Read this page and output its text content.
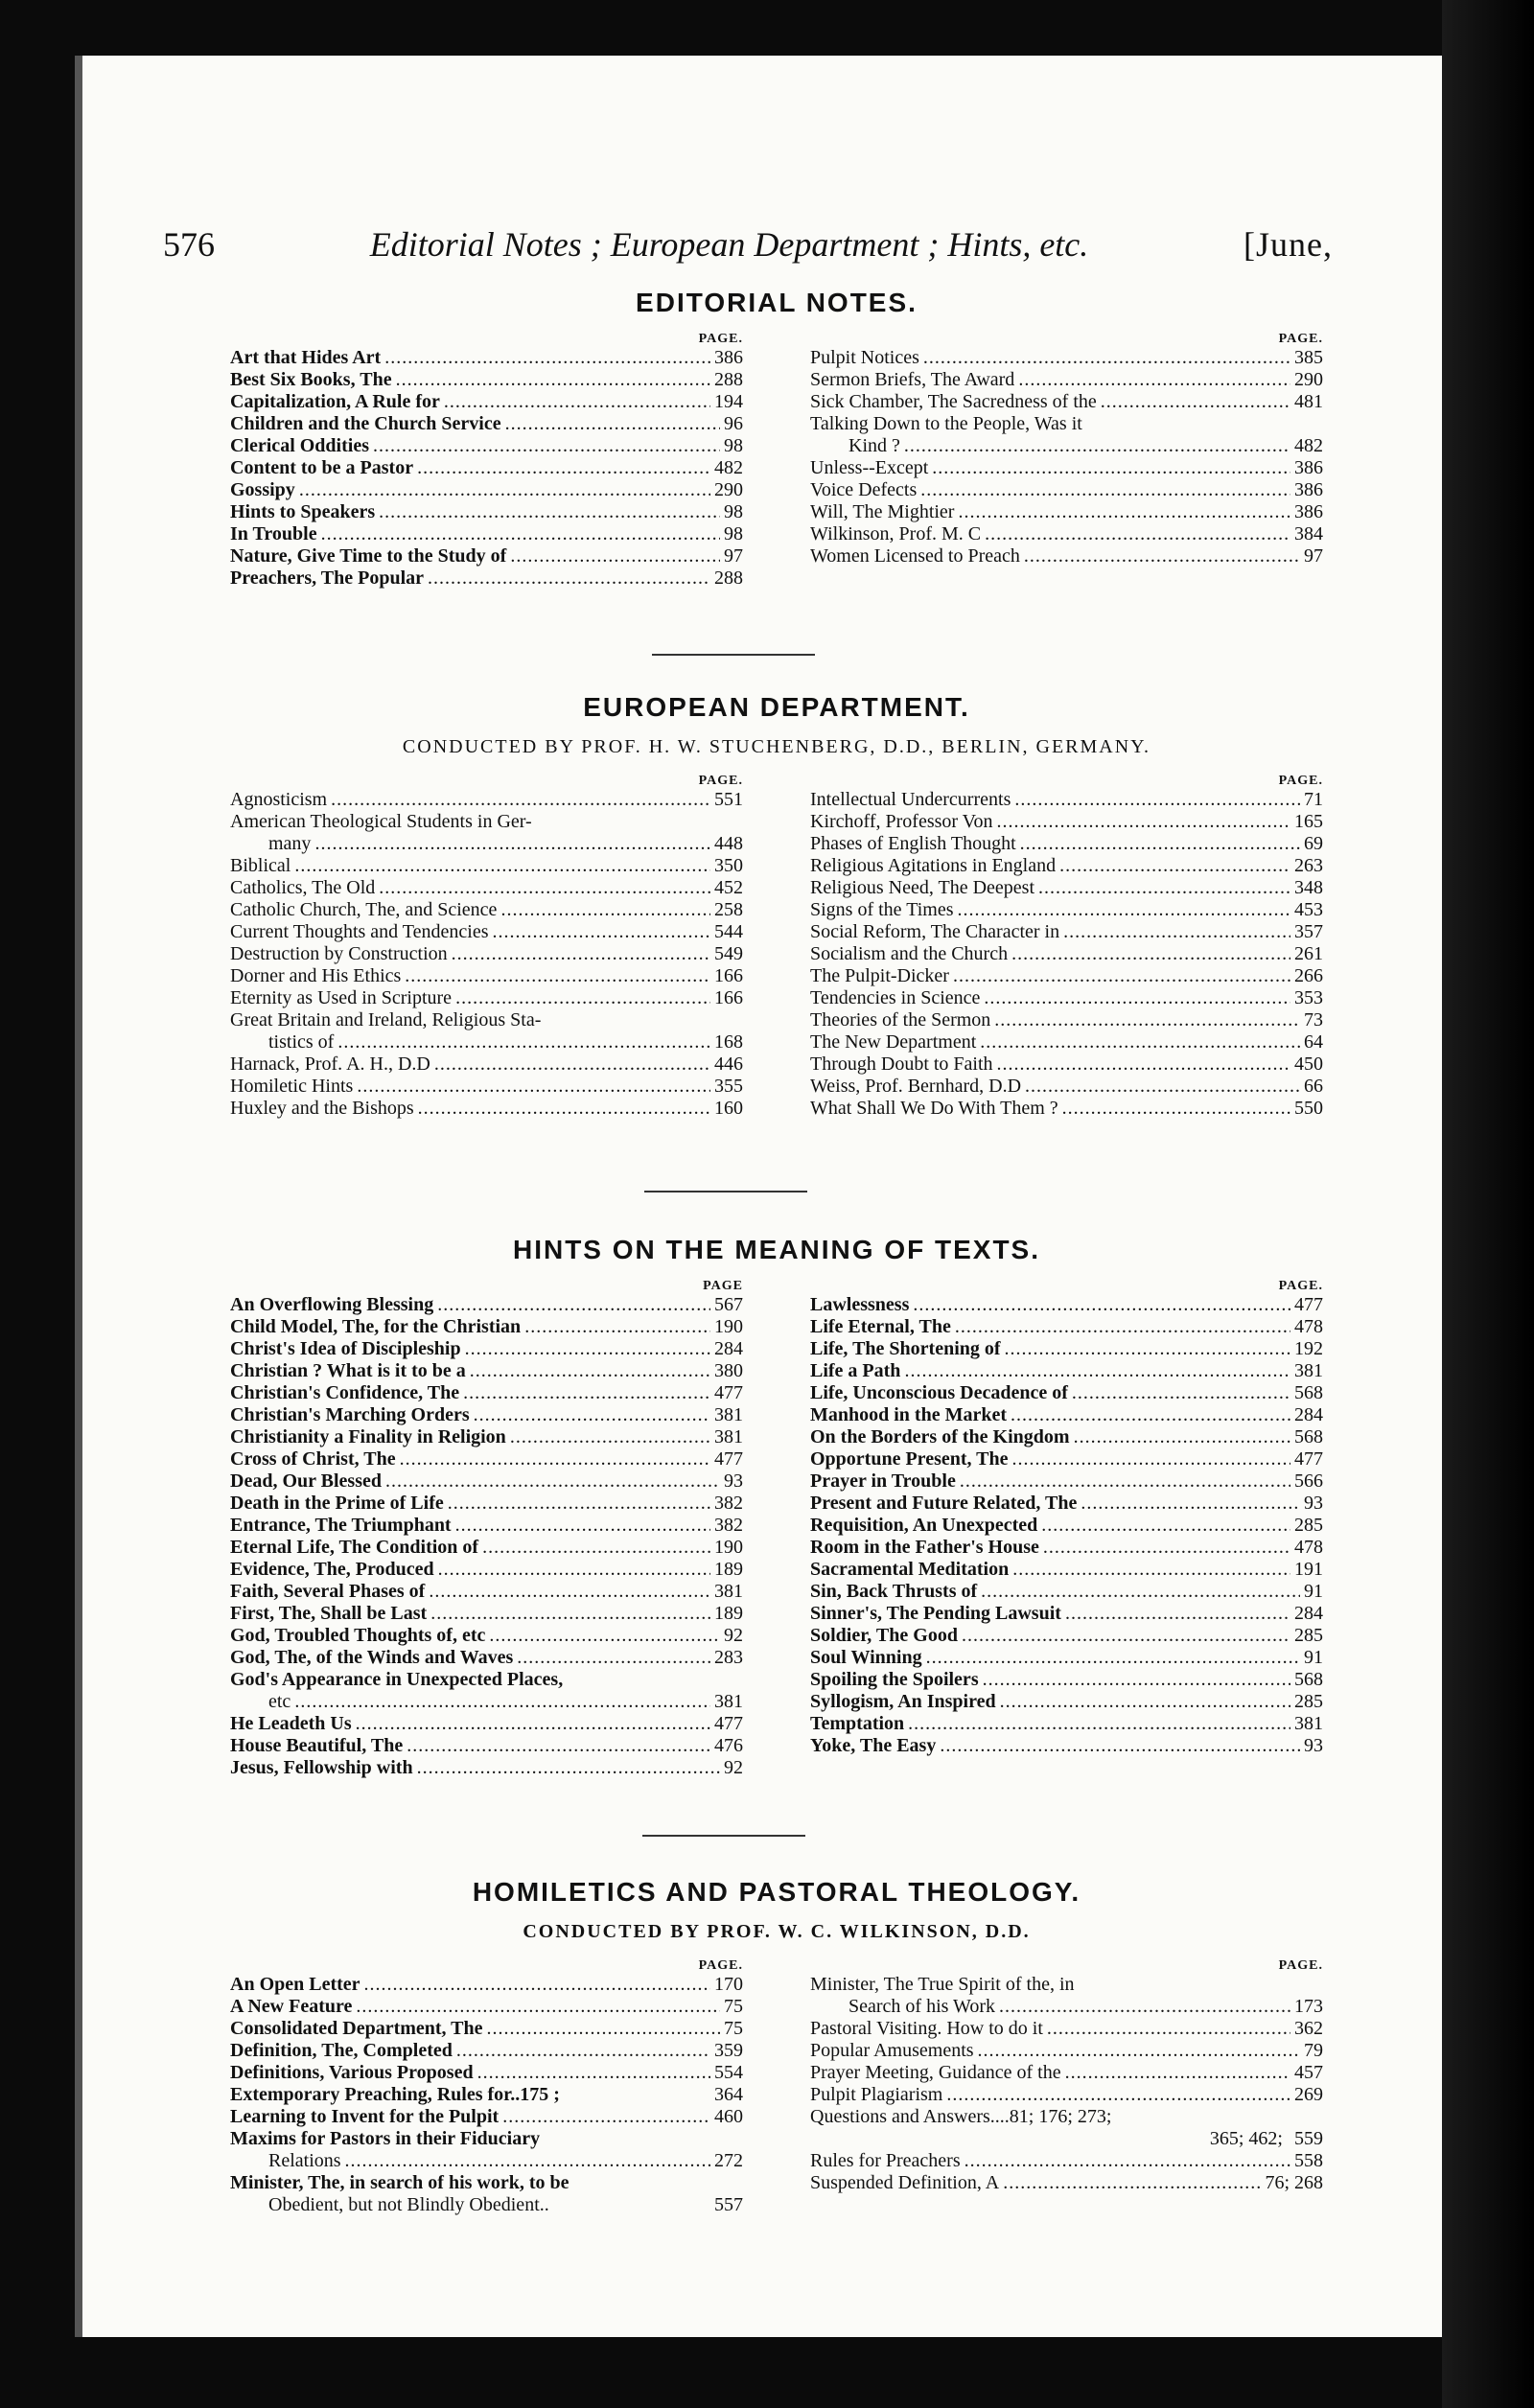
576	Editorial Notes ; European Department ; Hints, etc.	[June,
EDITORIAL NOTES.
PAGE.
Art that Hides Art .....	386
Best Six Books, The .....	288
Capitalization, A Rule for .....	194
Children and the Church Service .....	96
Clerical Oddities .....	98
Content to be a Pastor .....	482
Gossipy .....	290
Hints to Speakers .....	98
In Trouble .....	98
Nature, Give Time to the Study of .....	97
Preachers, The Popular .....	288
PAGE.
Pulpit Notices .....	385
Sermon Briefs, The Award .....	290
Sick Chamber, The Sacredness of the .....	481
Talking Down to the People, Was it
Kind ? .....	482
Unless--Except .....	386
Voice Defects .....	386
Will, The Mightier .....	386
Wilkinson, Prof. M. C .....	384
Women Licensed to Preach .....	97
EUROPEAN DEPARTMENT.
CONDUCTED BY PROF. H. W. STUCHENBERG, D.D., BERLIN, GERMANY.
PAGE.
Agnosticism .....	551
American Theological Students in Ger-
many .....	448
Biblical .....	350
Catholics, The Old .....	452
Catholic Church, The, and Science .....	258
Current Thoughts and Tendencies .....	544
Destruction by Construction .....	549
Dorner and His Ethics .....	166
Eternity as Used in Scripture .....	166
Great Britain and Ireland, Religious Sta-
tistics of .....	168
Harnack, Prof. A. H., D.D .....	446
Homiletic Hints .....	355
Huxley and the Bishops .....	160
PAGE.
Intellectual Undercurrents .....	71
Kirchoff, Professor Von .....	165
Phases of English Thought .....	69
Religious Agitations in England .....	263
Religious Need, The Deepest .....	348
Signs of the Times .....	453
Social Reform, The Character in .....	357
Socialism and the Church .....	261
The Pulpit-Dicker .....	266
Tendencies in Science .....	353
Theories of the Sermon .....	73
The New Department .....	64
Through Doubt to Faith .....	450
Weiss, Prof. Bernhard, D.D .....	66
What Shall We Do With Them ? .....	550
HINTS ON THE MEANING OF TEXTS.
PAGE
An Overflowing Blessing .....	567
Child Model, The, for the Christian .....	190
Christ's Idea of Discipleship .....	284
Christian ? What is it to be a .....	380
Christian's Confidence, The .....	477
Christian's Marching Orders .....	381
Christianity a Finality in Religion .....	381
Cross of Christ, The .....	477
Dead, Our Blessed .....	93
Death in the Prime of Life .....	382
Entrance, The Triumphant .....	382
Eternal Life, The Condition of .....	190
Evidence, The, Produced .....	189
Faith, Several Phases of .....	381
First, The, Shall be Last .....	189
God, Troubled Thoughts of, etc .....	92
God, The, of the Winds and Waves .....	283
God's Appearance in Unexpected Places,
etc .....	381
He Leadeth Us .....	477
House Beautiful, The .....	476
Jesus, Fellowship with .....	92
PAGE.
Lawlessness .....	477
Life Eternal, The .....	478
Life, The Shortening of .....	192
Life a Path .....	381
Life, Unconscious Decadence of .....	568
Manhood in the Market .....	284
On the Borders of the Kingdom .....	568
Opportune Present, The .....	477
Prayer in Trouble .....	566
Present and Future Related, The .....	93
Requisition, An Unexpected .....	285
Room in the Father's House .....	478
Sacramental Meditation .....	191
Sin, Back Thrusts of .....	91
Sinner's, The Pending Lawsuit .....	284
Soldier, The Good .....	285
Soul Winning .....	91
Spoiling the Spoilers .....	568
Syllogism, An Inspired .....	285
Temptation .....	381
Yoke, The Easy .....	93
HOMILETICS AND PASTORAL THEOLOGY.
CONDUCTED BY PROF. W. C. WILKINSON, D.D.
PAGE.
An Open Letter .....	170
A New Feature .....	75
Consolidated Department, The .....	75
Definition, The, Completed .....	359
Definitions, Various Proposed .....	554
Extemporary Preaching, Rules for..175 ;	364
Learning to Invent for the Pulpit .....	460
Maxims for Pastors in their Fiduciary
Relations .....	272
Minister, The, in search of his work, to be
Obedient, but not Blindly Obedient..	557
PAGE.
Minister, The True Spirit of the, in
Search of his Work .....	173
Pastoral Visiting. How to do it .....	362
Popular Amusements .....	79
Prayer Meeting, Guidance of the .....	457
Pulpit Plagiarism .....	269
Questions and Answers....81; 176; 273;
365; 462; 559
Rules for Preachers .....	558
Suspended Definition, A .....	76; 268
